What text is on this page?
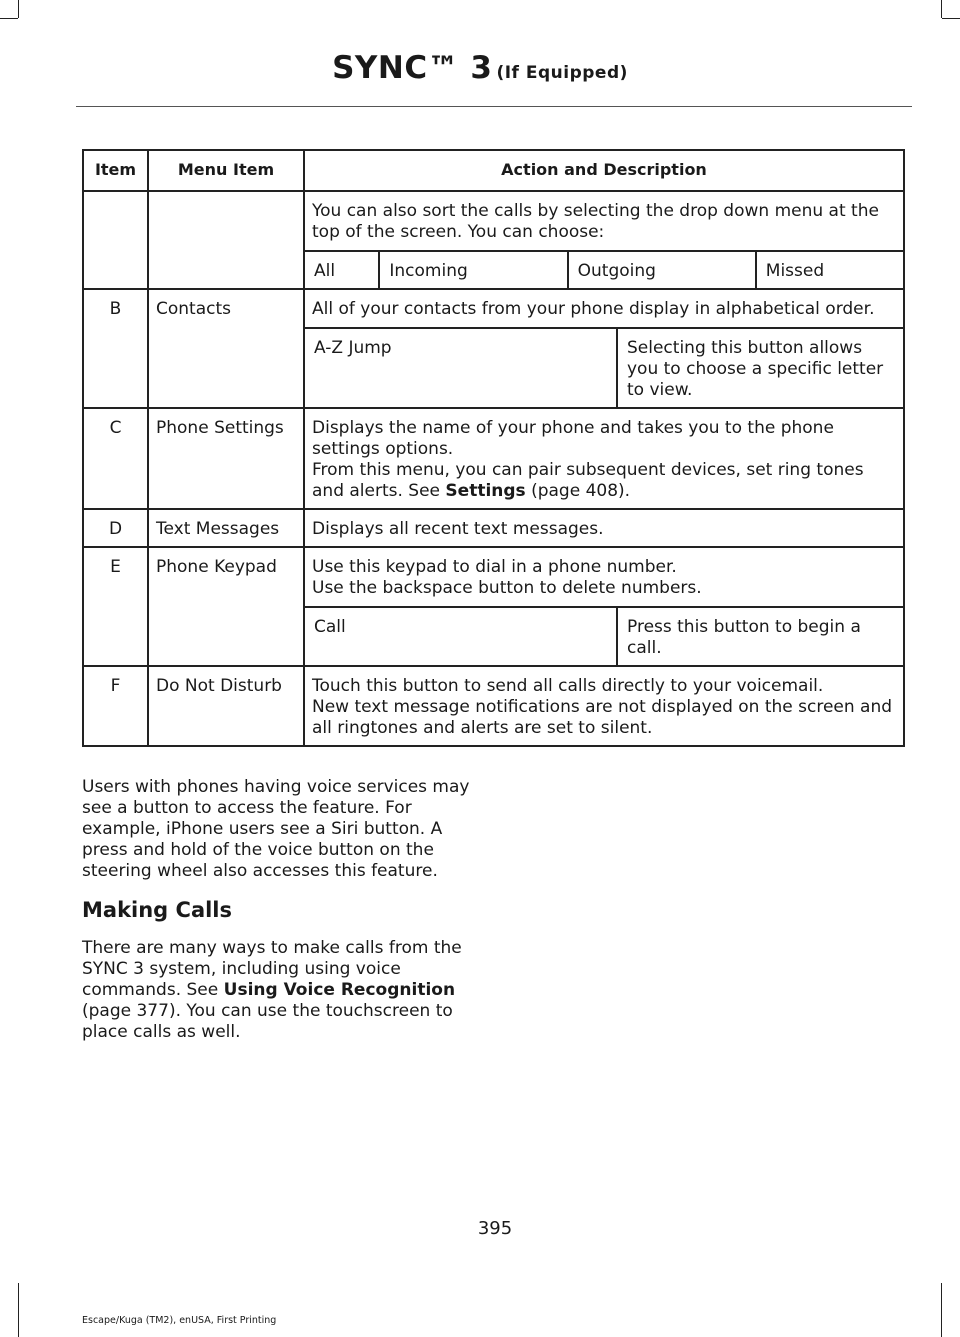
SYNC™ 3 (If Equipped)
Item	Menu Item	Action and Description

You can also sort the calls by selecting the drop down menu at the top of the screen. You can choose:
All	Incoming	Outgoing	Missed

B	Contacts	All of your contacts from your phone display in alphabetical order.
A-Z Jump	Selecting this button allows you to choose a specific letter to view.

C	Phone Settings	Displays the name of your phone and takes you to the phone settings options.
From this menu, you can pair subsequent devices, set ring tones and alerts. See Settings (page 408).

D	Text Messages	Displays all recent text messages.
E	Phone Keypad	Use this keypad to dial in a phone number.
Use the backspace button to delete numbers.
Call	Press this button to begin a call.

F	Do Not Disturb	Touch this button to send all calls directly to your voicemail.
New text message notifications are not displayed on the screen and all ringtones and alerts are set to silent.
Users with phones having voice services may see a button to access the feature. For example, iPhone users see a Siri button. A press and hold of the voice button on the steering wheel also accesses this feature.
Making Calls
There are many ways to make calls from the SYNC 3 system, including using voice commands. See Using Voice Recognition (page 377). You can use the touchscreen to place calls as well.
395
Escape/Kuga (TM2), enUSA, First Printing
